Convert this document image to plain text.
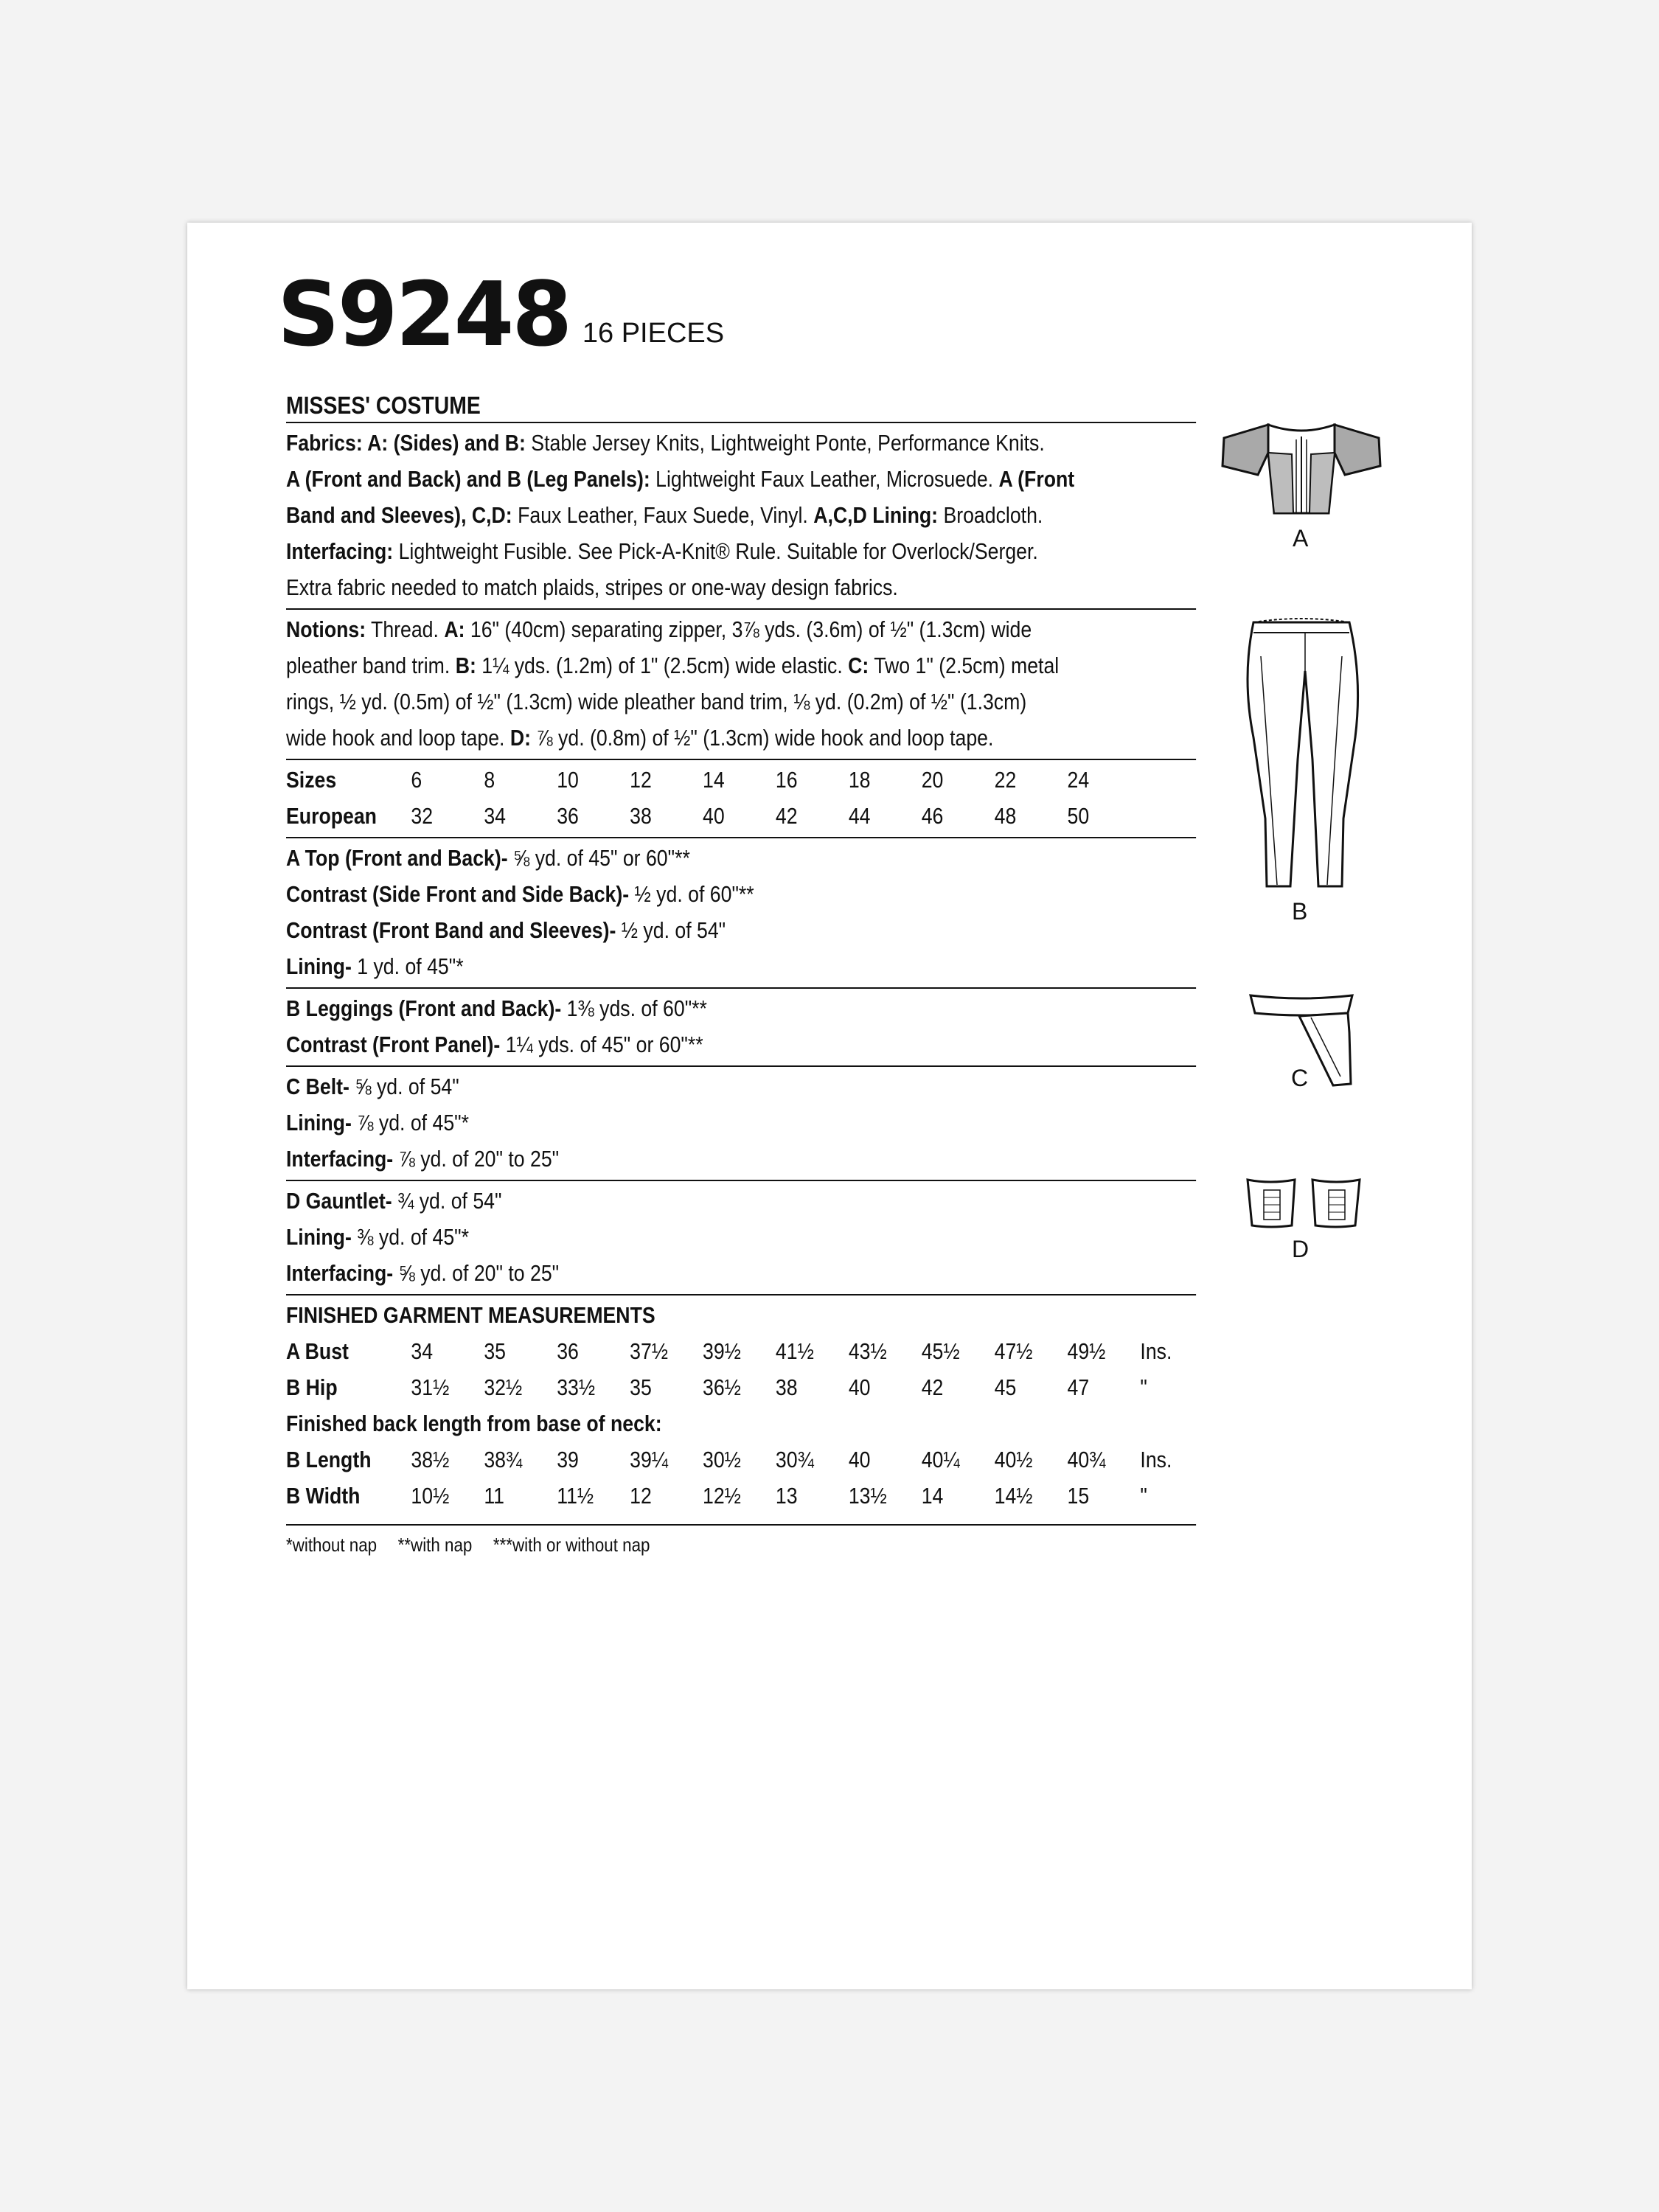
S9248 16 PIECES
MISSES' COSTUME
Fabrics: A: (Sides) and B: Stable Jersey Knits, Lightweight Ponte, Performance Knits.
A (Front and Back) and B (Leg Panels): Lightweight Faux Leather, Microsuede. A (Front
Band and Sleeves), C,D: Faux Leather, Faux Suede, Vinyl. A,C,D Lining: Broadcloth.
Interfacing: Lightweight Fusible. See Pick-A-Knit® Rule. Suitable for Overlock/Serger.
Extra fabric needed to match plaids, stripes or one-way design fabrics.
Notions: Thread. A: 16" (40cm) separating zipper, 3⅞ yds. (3.6m) of ½" (1.3cm) wide
pleather band trim. B: 1¼ yds. (1.2m) of 1" (2.5cm) wide elastic. C: Two 1" (2.5cm) metal
rings, ½ yd. (0.5m) of ½" (1.3cm) wide pleather band trim, ⅛ yd. (0.2m) of ½" (1.3cm)
wide hook and loop tape. D: ⅞ yd. (0.8m) of ½" (1.3cm) wide hook and loop tape.
Sizes	6	8	10	12	14	16	18	20	22	24
European	32	34	36	38	40	42	44	46	48	50
A Top (Front and Back)- ⅝ yd. of 45" or 60"**
Contrast (Side Front and Side Back)- ½ yd. of 60"**
Contrast (Front Band and Sleeves)- ½ yd. of 54"
Lining- 1 yd. of 45"*
B Leggings (Front and Back)- 1⅜ yds. of 60"**
Contrast (Front Panel)- 1¼ yds. of 45" or 60"**
C Belt- ⅝ yd. of 54"
Lining- ⅞ yd. of 45"*
Interfacing- ⅞ yd. of 20" to 25"
D Gauntlet- ¾ yd. of 54"
Lining- ⅜ yd. of 45"*
Interfacing- ⅝ yd. of 20" to 25"
FINISHED GARMENT MEASUREMENTS
A Bust	34	35	36	37½	39½	41½	43½	45½	47½	49½	Ins.
B Hip	31½	32½	33½	35	36½	38	40	42	45	47	"
Finished back length from base of neck:
B Length	38½	38¾	39	39¼	30½	30¾	40	40¼	40½	40¾	Ins.
B Width	10½	11	11½	12	12½	13	13½	14	14½	15	"
*without nap **with nap ***with or without nap
A
B
C
D
